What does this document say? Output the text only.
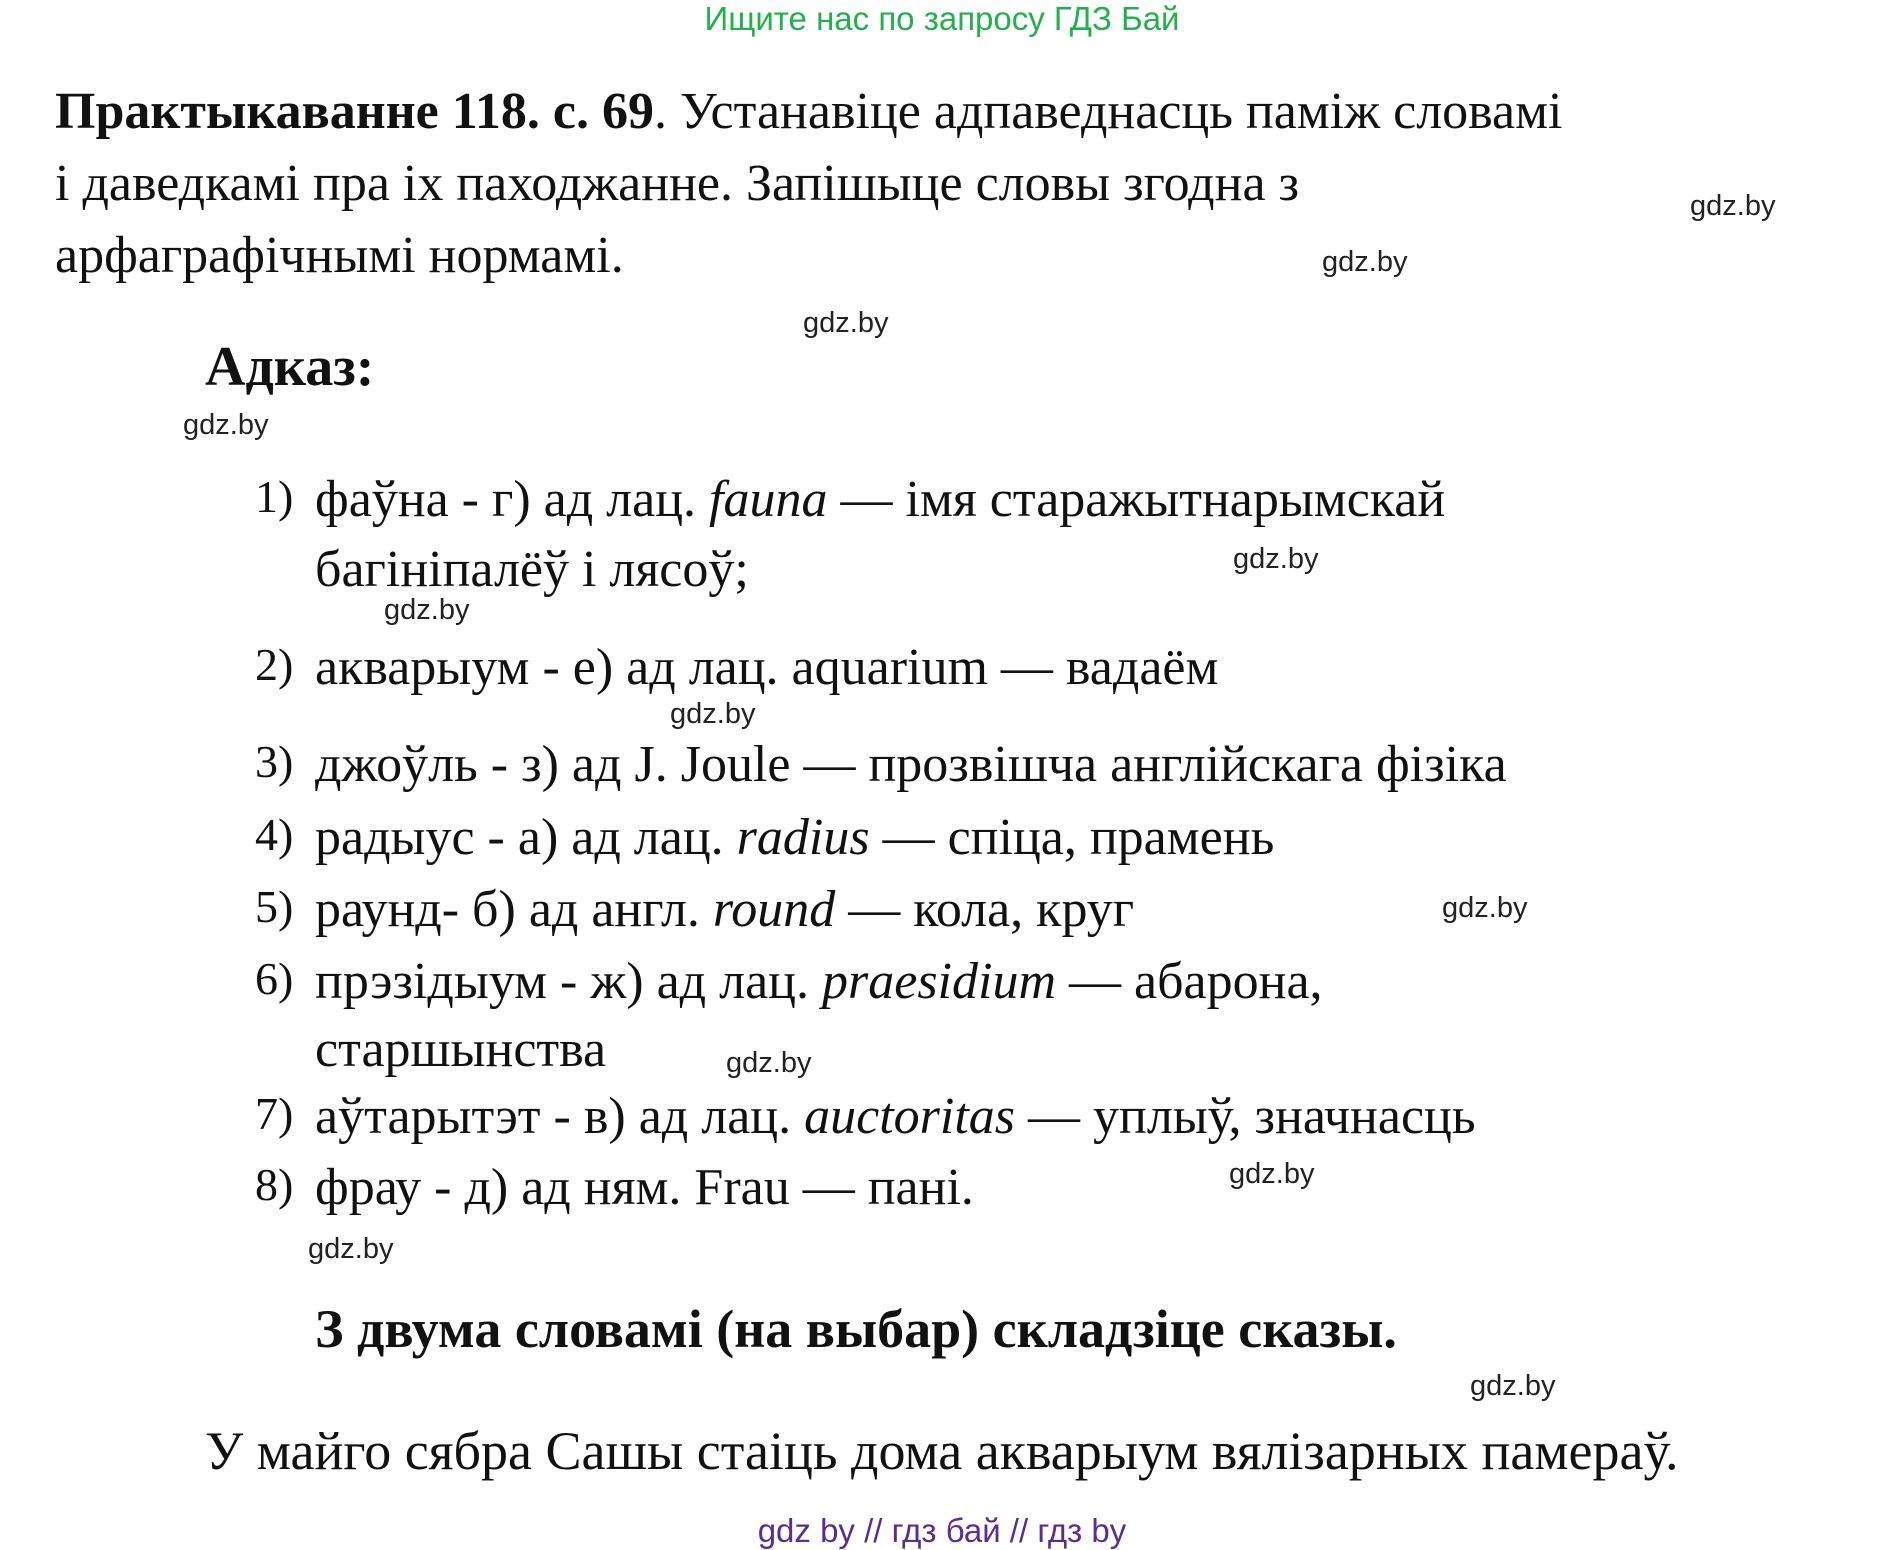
Ищите нас по запросу ГДЗ Бай
Практыкаванне 118. с. 69. Устанавіце адпаведнасць паміж словамі
і даведкамі пра іх паходжанне. Запішыце словы згодна з
арфаграфічнымі нормамі.
Адказ:
1) фаўна - г) ад лац. fauna — імя старажытнарымскай
багініпалёў і лясоў;
2) акварыум - е) ад лац. aquarium — вадаём
3) джоўль - з) ад J. Joule — прозвішча англійскага фізіка
4) радыус - а) ад лац. radius — спіца, прамень
5) раунд- б) ад англ. round — кола, круг
6) прэзідыум - ж) ад лац. praesidium — абарона,
старшынства
7) аўтарытэт - в) ад лац. auctoritas — уплыў, значнасць
8) фрау - д) ад ням. Frau — пані.
З двума словамі (на выбар) складзіце сказы.
У майго сябра Сашы стаіць дома акварыум вялізарных памераў.
gdz.by
gdz.by
gdz.by
gdz.by
gdz.by
gdz.by
gdz.by
gdz.by
gdz.by
gdz.by
gdz.by
gdz.by
gdz by // гдз бай // гдз by
